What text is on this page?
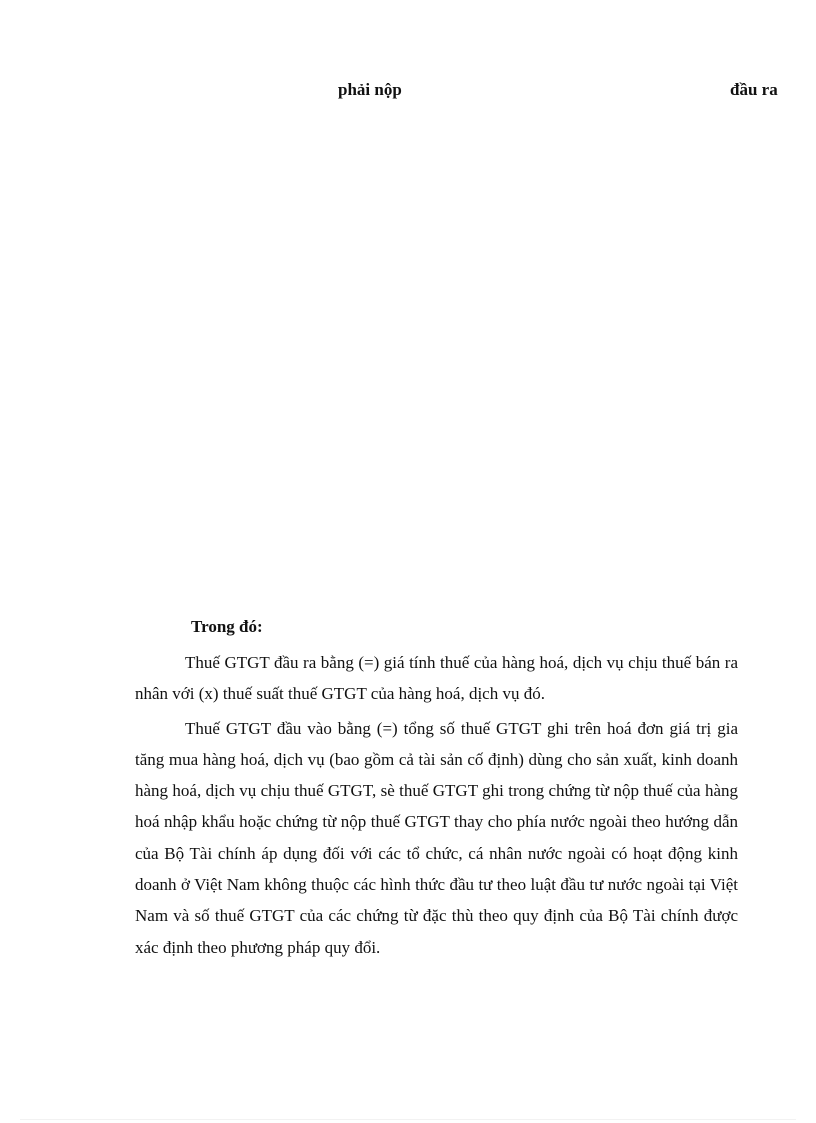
phải nộp	đầu ra

Trong đó:

Thuế GTGT đầu ra bằng (=) giá tính thuế của hàng hoá, dịch vụ chịu thuế bán ra nhân với (x) thuế suất thuế GTGT của hàng hoá, dịch vụ đó.

Thuế GTGT đầu vào bằng (=) tổng số thuế GTGT ghi trên hoá đơn giá trị gia tăng mua hàng hoá, dịch vụ (bao gồm cả tài sản cố định) dùng cho sản xuất, kinh doanh hàng hoá, dịch vụ chịu thuế GTGT, sè thuế GTGT ghi trong chứng từ nộp thuế của hàng hoá nhập khẩu hoặc chứng từ nộp thuế GTGT thay cho phía nước ngoài theo hướng dẫn của Bộ Tài chính áp dụng đối với các tổ chức, cá nhân nước ngoài có hoạt động kinh doanh ở Việt Nam không thuộc các hình thức đầu tư theo luật đầu tư nước ngoài tại Việt Nam và số thuế GTGT của các chứng từ đặc thù theo quy định của Bộ Tài chính được xác định theo phương pháp quy đổi.
